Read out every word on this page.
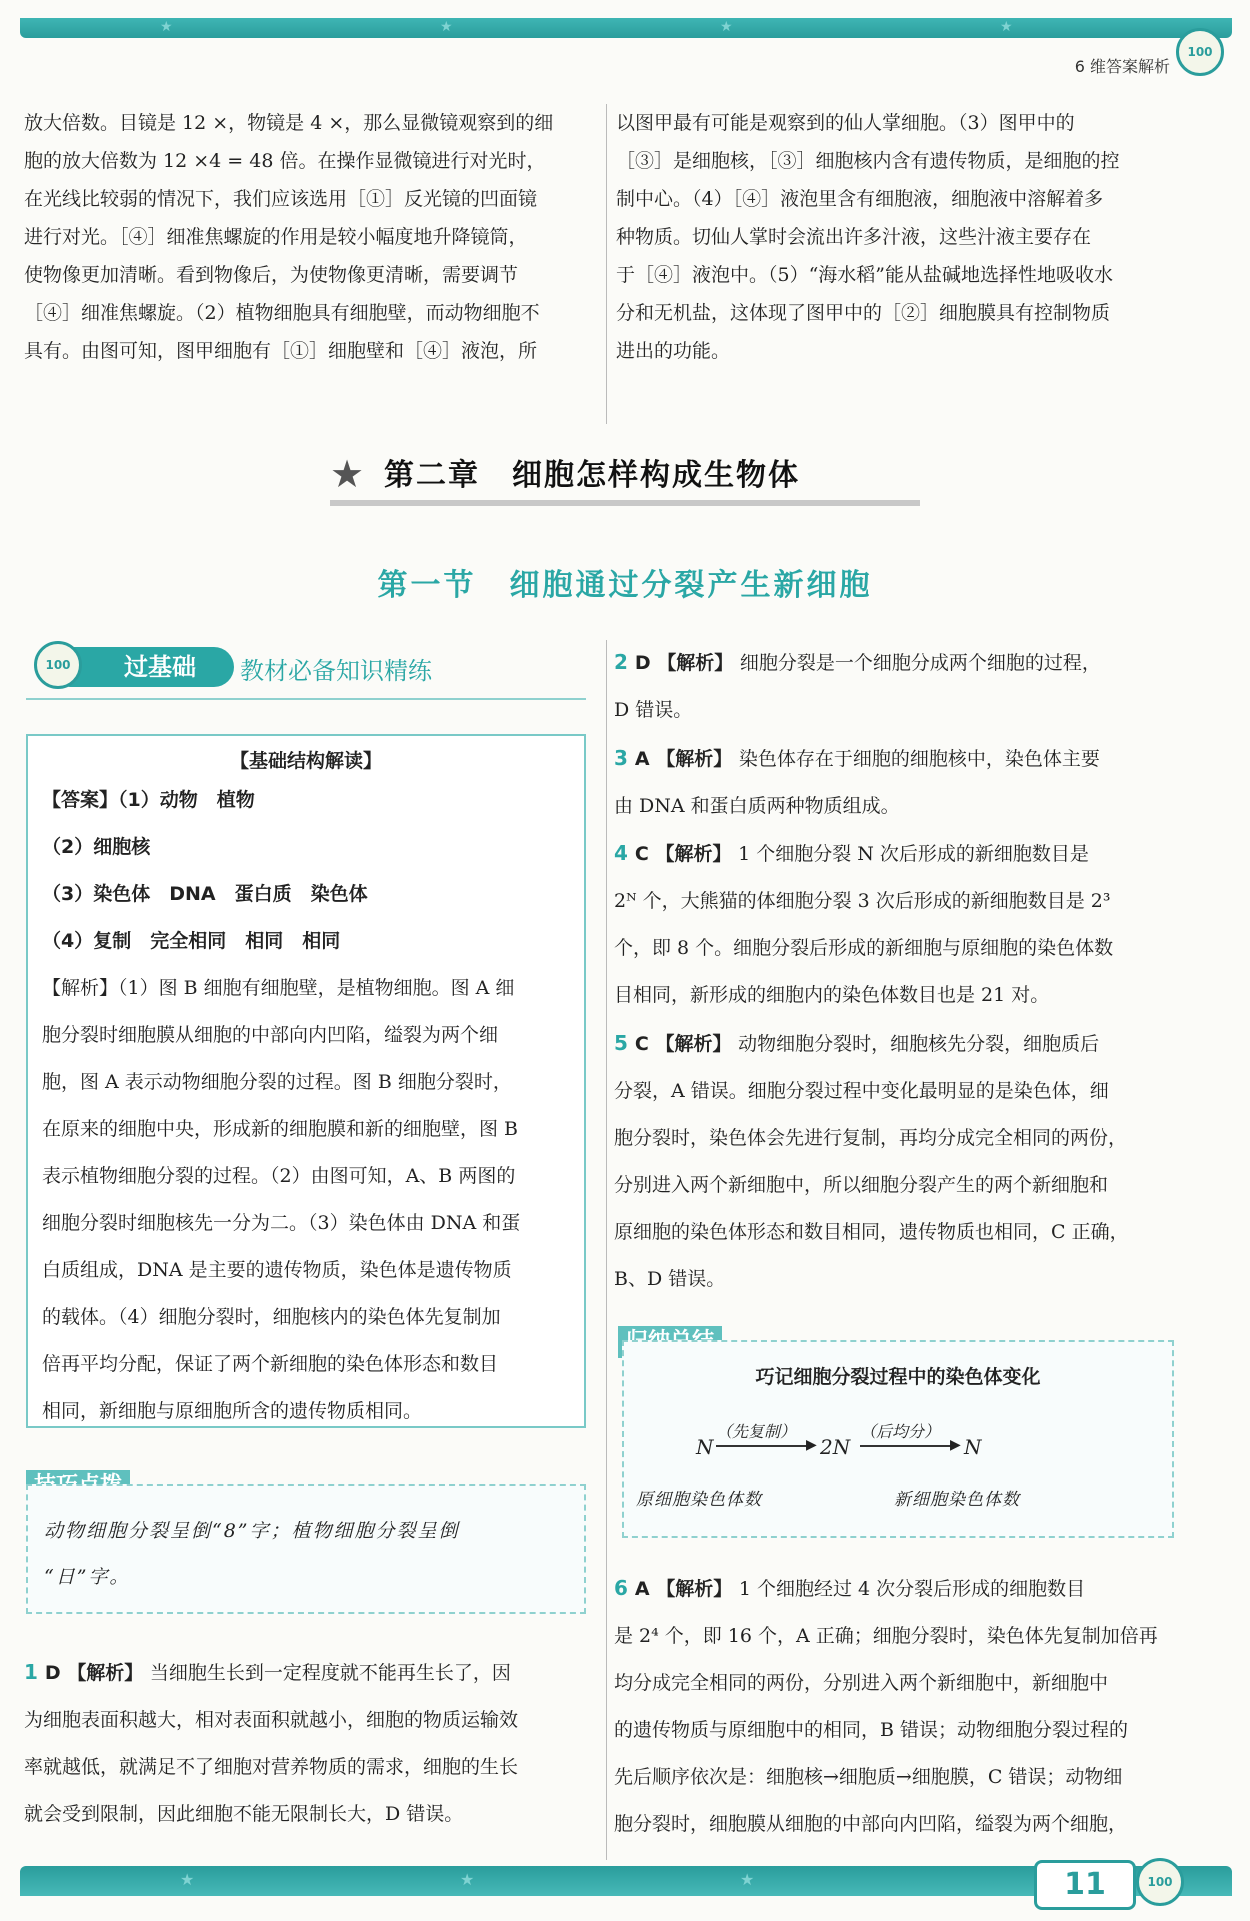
★	★	★	★
100
6 维答案解析

放大倍数。目镜是 12 ×，物镜是 4 ×，那么显微镜观察到的细

胞的放大倍数为 12 ×4 = 48 倍。在操作显微镜进行对光时，

在光线比较弱的情况下，我们应该选用［①］反光镜的凹面镜

进行对光。［④］细准焦螺旋的作用是较小幅度地升降镜筒，

使物像更加清晰。看到物像后，为使物像更清晰，需要调节

［④］细准焦螺旋。（2）植物细胞具有细胞壁，而动物细胞不

具有。由图可知，图甲细胞有［①］细胞壁和［④］液泡，所

以图甲最有可能是观察到的仙人掌细胞。（3）图甲中的

［③］是细胞核，［③］细胞核内含有遗传物质，是细胞的控

制中心。（4）［④］液泡里含有细胞液，细胞液中溶解着多

种物质。切仙人掌时会流出许多汁液，这些汁液主要存在

于［④］液泡中。（5）“海水稻”能从盐碱地选择性地吸收水

分和无机盐，这体现了图甲中的［②］细胞膜具有控制物质

进出的功能。

★ 第二章　细胞怎样构成生物体
第一节　细胞通过分裂产生新细胞
过基础
100	教材必备知识精练
【基础结构解读】

【答案】（1）动物　植物

（2）细胞核

（3）染色体　DNA　蛋白质　染色体

（4）复制　完全相同　相同　相同

【解析】（1）图 B 细胞有细胞壁，是植物细胞。图 A 细

胞分裂时细胞膜从细胞的中部向内凹陷，缢裂为两个细

胞，图 A 表示动物细胞分裂的过程。图 B 细胞分裂时，

在原来的细胞中央，形成新的细胞膜和新的细胞壁，图 B

表示植物细胞分裂的过程。（2）由图可知，A、B 两图的

细胞分裂时细胞核先一分为二。（3）染色体由 DNA 和蛋

白质组成，DNA 是主要的遗传物质，染色体是遗传物质

的载体。（4）细胞分裂时，细胞核内的染色体先复制加

倍再平均分配，保证了两个新细胞的染色体形态和数目

相同，新细胞与原细胞所含的遗传物质相同。

动物细胞分裂呈倒“8”字；植物细胞分裂呈倒

“日”字。

1 D 【解析】 当细胞生长到一定程度就不能再生长了，因

为细胞表面积越大，相对表面积就越小，细胞的物质运输效

率就越低，就满足不了细胞对营养物质的需求，细胞的生长

就会受到限制，因此细胞不能无限制长大，D 错误。

2 D 【解析】 细胞分裂是一个细胞分成两个细胞的过程，

D 错误。

3 A 【解析】 染色体存在于细胞的细胞核中，染色体主要

由 DNA 和蛋白质两种物质组成。

4 C 【解析】 1 个细胞分裂 N 次后形成的新细胞数目是

2ᴺ 个，大熊猫的体细胞分裂 3 次后形成的新细胞数目是 2³

个，即 8 个。细胞分裂后形成的新细胞与原细胞的染色体数

目相同，新形成的细胞内的染色体数目也是 21 对。

5 C 【解析】 动物细胞分裂时，细胞核先分裂，细胞质后

分裂，A 错误。细胞分裂过程中变化最明显的是染色体，细

胞分裂时，染色体会先进行复制，再均分成完全相同的两份，

分别进入两个新细胞中，所以细胞分裂产生的两个新细胞和

原细胞的染色体形态和数目相同，遗传物质也相同，C 正确，

B、D 错误。

巧记细胞分裂过程中的染色体变化
N
（先复制）
▶ 2N
（后均分）
▶ N
原细胞染色体数	新细胞染色体数

6 A 【解析】 1 个细胞经过 4 次分裂后形成的细胞数目

是 2⁴ 个，即 16 个，A 正确；细胞分裂时，染色体先复制加倍再

均分成完全相同的两份，分别进入两个新细胞中，新细胞中

的遗传物质与原细胞中的相同，B 错误；动物细胞分裂过程的

先后顺序依次是：细胞核→细胞质→细胞膜，C 错误；动物细

胞分裂时，细胞膜从细胞的中部向内凹陷，缢裂为两个细胞，

★	★	★	11	100
